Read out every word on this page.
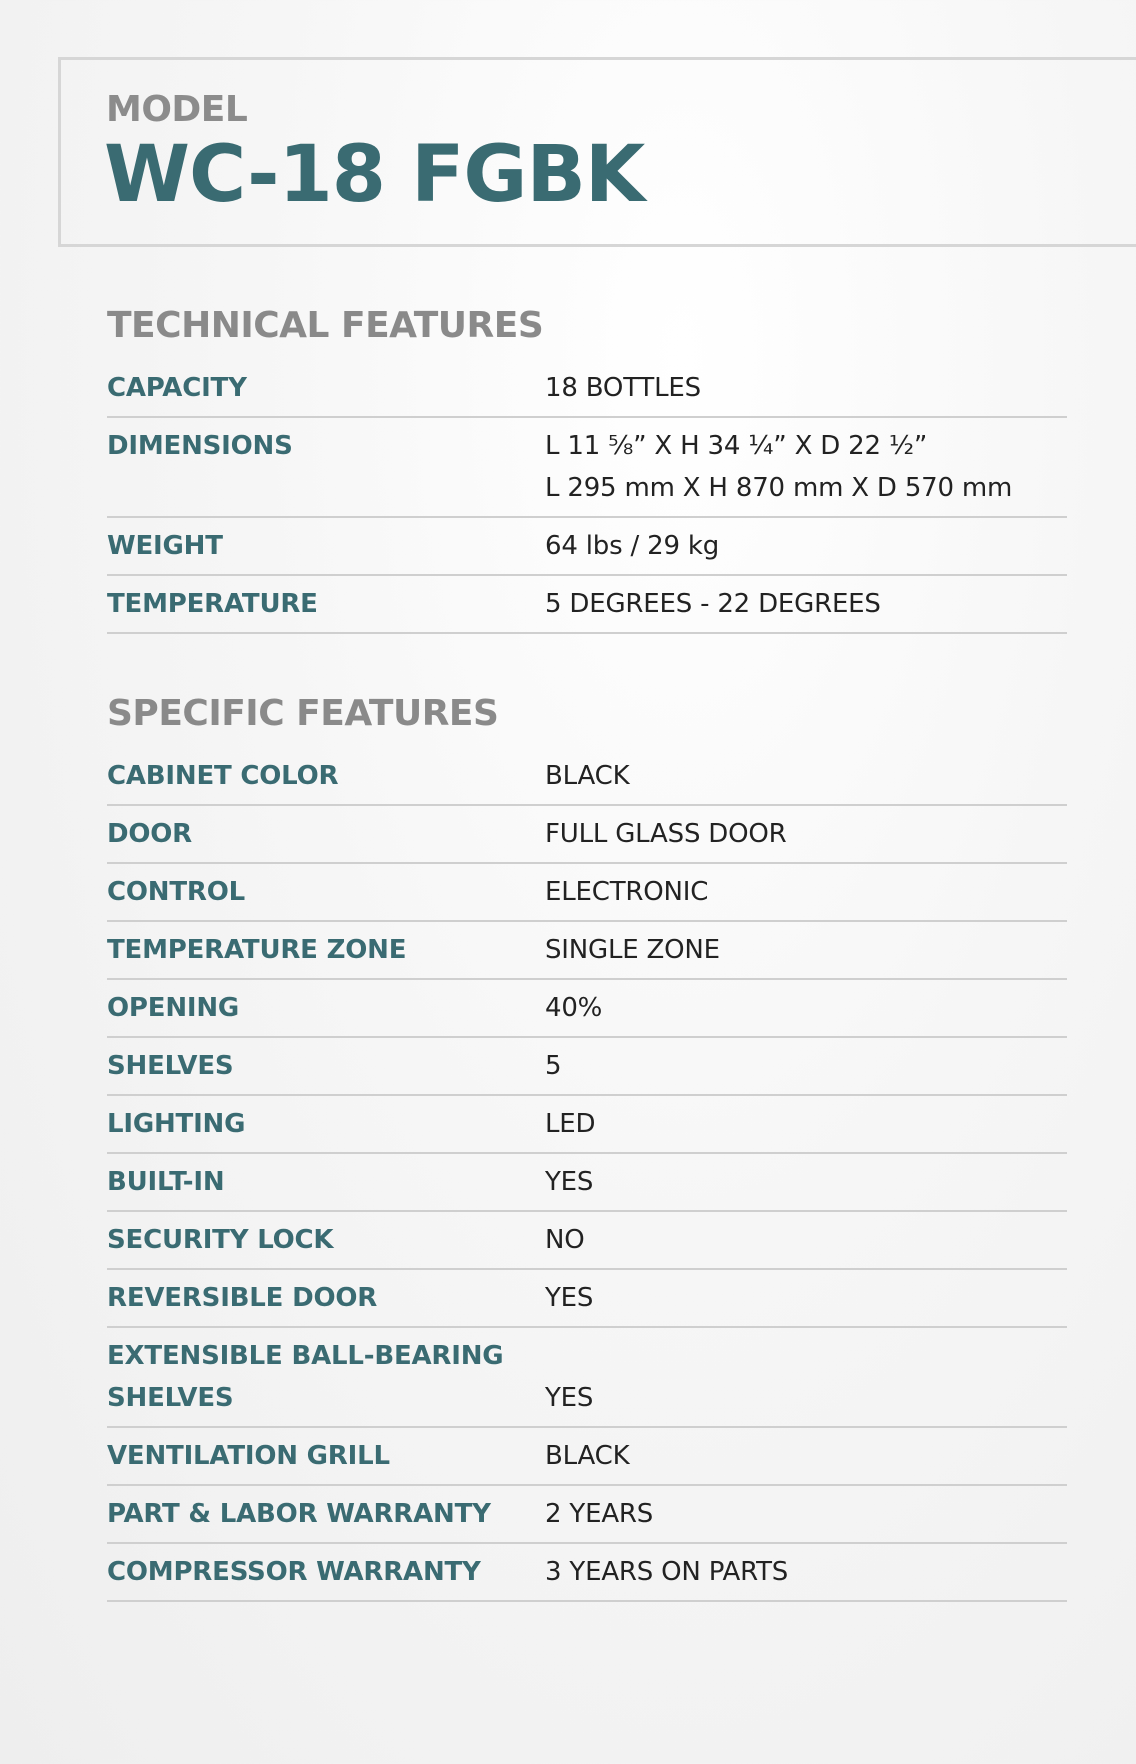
MODEL
WC-18 FGBK
TECHNICAL FEATURES
CAPACITY	18 BOTTLES
DIMENSIONS	L 11 ⅝” X H 34 ¼” X D 22 ½”
L 295 mm X H 870 mm X D 570 mm
WEIGHT	64 lbs / 29 kg
TEMPERATURE	5 DEGREES - 22 DEGREES
SPECIFIC FEATURES
CABINET COLOR	BLACK
DOOR	FULL GLASS DOOR
CONTROL	ELECTRONIC
TEMPERATURE ZONE	SINGLE ZONE
OPENING	40%
SHELVES	5
LIGHTING	LED
BUILT-IN	YES
SECURITY LOCK	NO
REVERSIBLE DOOR	YES
EXTENSIBLE BALL-BEARING
SHELVES	YES
VENTILATION GRILL	BLACK
PART & LABOR WARRANTY	2 YEARS
COMPRESSOR WARRANTY	3 YEARS ON PARTS
